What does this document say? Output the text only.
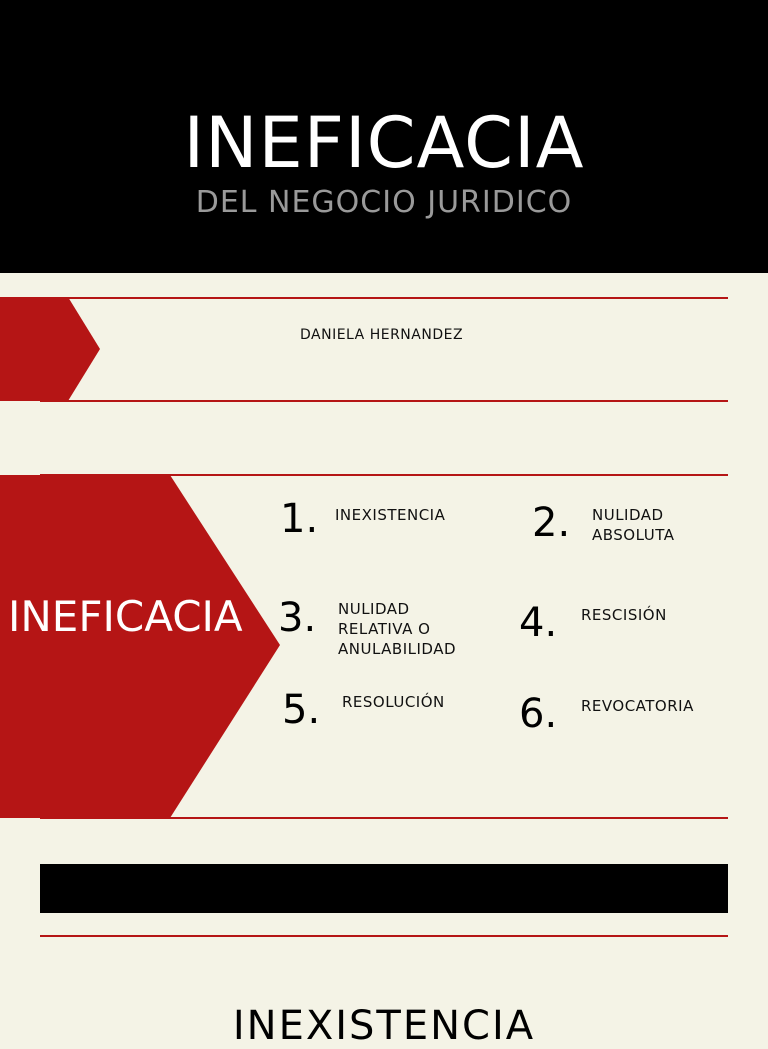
INEFICACIA
DEL NEGOCIO JURIDICO
DANIELA HERNANDEZ
INEFICACIA
1. INEXISTENCIA 2. NULIDAD
ABSOLUTA
3. NULIDAD
RELATIVA O
ANULABILIDAD
4. RESCISIÓN
5. RESOLUCIÓN 6. REVOCATORIA
INEXISTENCIA
